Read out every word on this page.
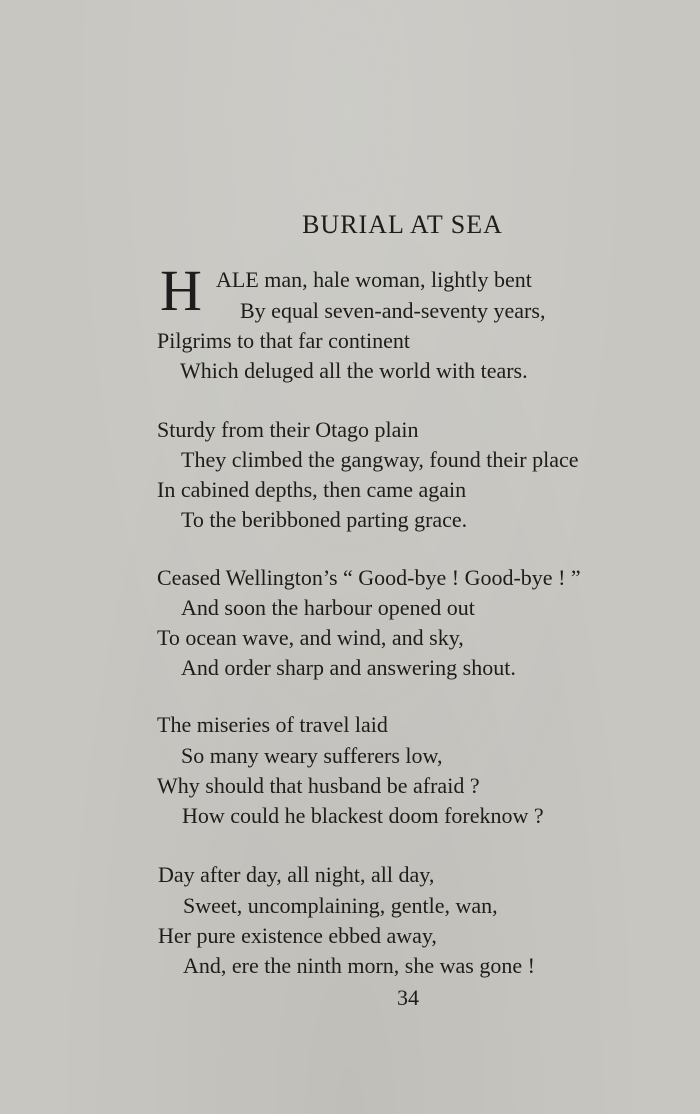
BURIAL AT SEA
H ALE man, hale woman, lightly bent
By equal seven-and-seventy years,
Pilgrims to that far continent
Which deluged all the world with tears.
Sturdy from their Otago plain
They climbed the gangway, found their place
In cabined depths, then came again
To the beribboned parting grace.
Ceased Wellington’s “ Good-bye ! Good-bye ! ”
And soon the harbour opened out
To ocean wave, and wind, and sky,
And order sharp and answering shout.
The miseries of travel laid
So many weary sufferers low,
Why should that husband be afraid ?
How could he blackest doom foreknow ?
Day after day, all night, all day,
Sweet, uncomplaining, gentle, wan,
Her pure existence ebbed away,
And, ere the ninth morn, she was gone !
34
